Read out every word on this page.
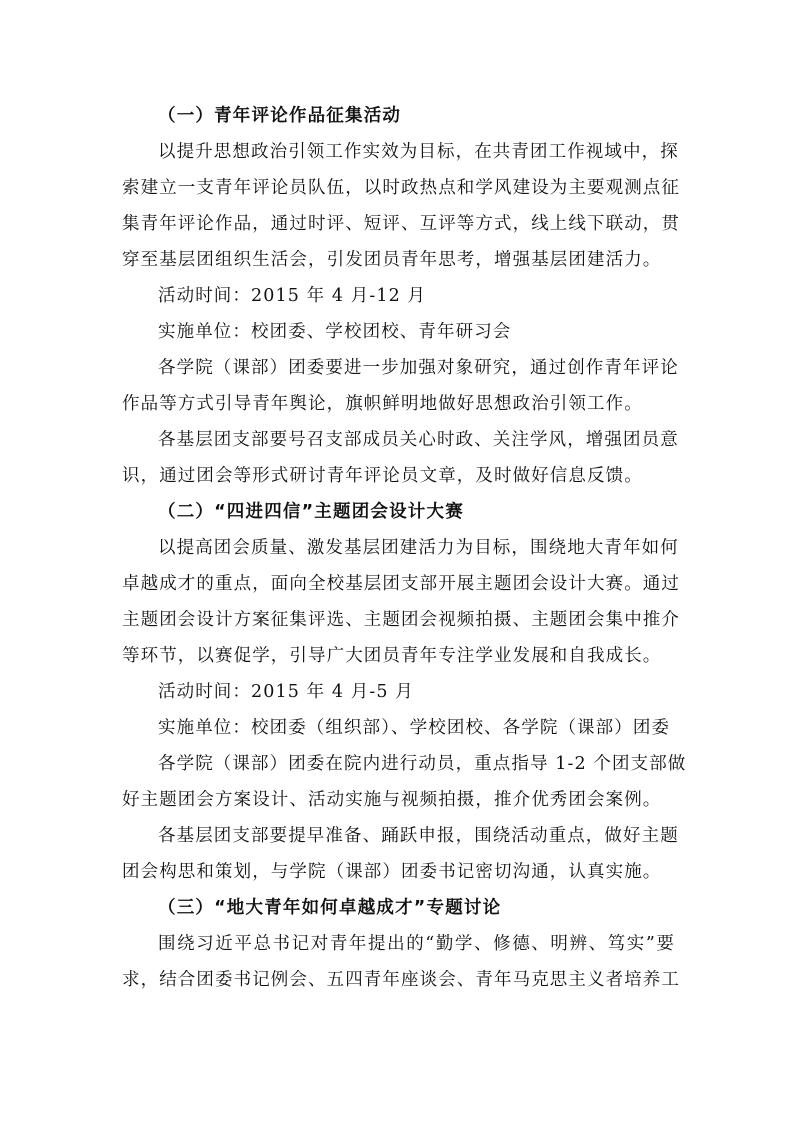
（一）青年评论作品征集活动
以提升思想政治引领工作实效为目标，在共青团工作视域中，探
索建立一支青年评论员队伍，以时政热点和学风建设为主要观测点征
集青年评论作品，通过时评、短评、互评等方式，线上线下联动，贯
穿至基层团组织生活会，引发团员青年思考，增强基层团建活力。
活动时间：2015 年 4 月-12 月
实施单位：校团委、学校团校、青年研习会
各学院（课部）团委要进一步加强对象研究，通过创作青年评论
作品等方式引导青年舆论，旗帜鲜明地做好思想政治引领工作。
各基层团支部要号召支部成员关心时政、关注学风，增强团员意
识，通过团会等形式研讨青年评论员文章，及时做好信息反馈。
（二）“四进四信”主题团会设计大赛
以提高团会质量、激发基层团建活力为目标，围绕地大青年如何
卓越成才的重点，面向全校基层团支部开展主题团会设计大赛。通过
主题团会设计方案征集评选、主题团会视频拍摄、主题团会集中推介
等环节，以赛促学，引导广大团员青年专注学业发展和自我成长。
活动时间：2015 年 4 月-5 月
实施单位：校团委（组织部）、学校团校、各学院（课部）团委
各学院（课部）团委在院内进行动员，重点指导 1-2 个团支部做
好主题团会方案设计、活动实施与视频拍摄，推介优秀团会案例。
各基层团支部要提早准备、踊跃申报，围绕活动重点，做好主题
团会构思和策划，与学院（课部）团委书记密切沟通，认真实施。
（三）“地大青年如何卓越成才”专题讨论
围绕习近平总书记对青年提出的“勤学、修德、明辨、笃实”要
求，结合团委书记例会、五四青年座谈会、青年马克思主义者培养工
